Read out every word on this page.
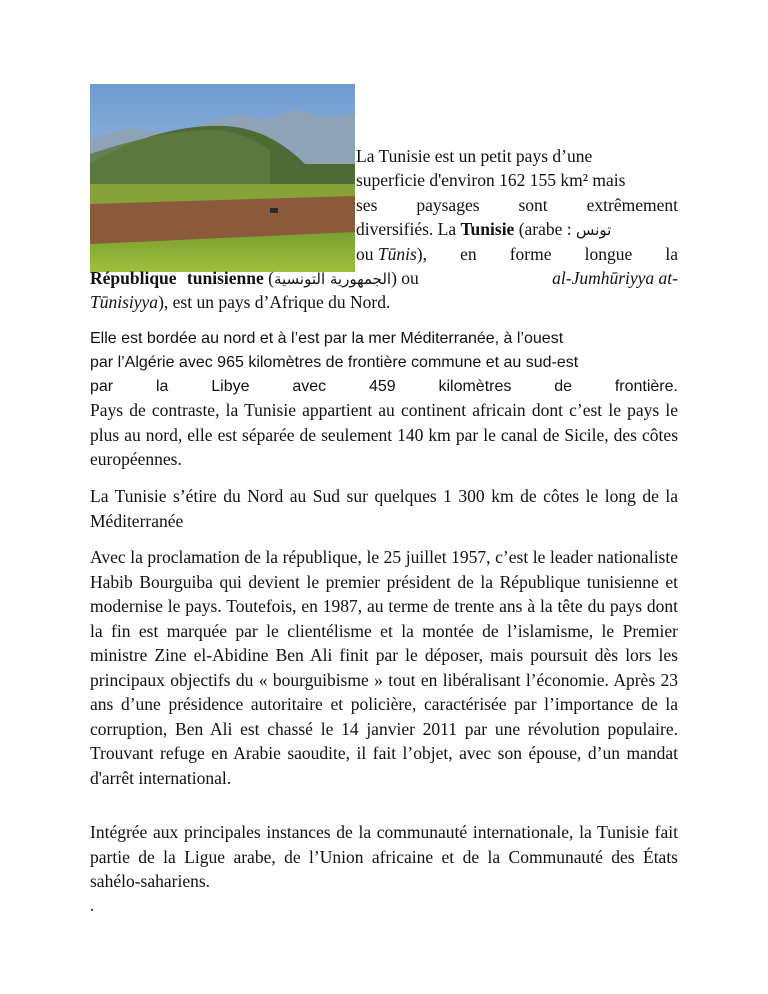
La Tunisie est un petit pays d’une

superficie d'environ 162 155 km² mais

ses paysages sont extrêmement

diversifiés. La Tunisie (arabe : تونس

ou Tūnis), en forme longue la

République tunisienne (الجمهورية التونسية) ou	al-Jumhūriyya at-

Tūnisiyya), est un pays d’Afrique du Nord.

Elle est bordée au nord et à l’est par la mer Méditerranée, à l’ouest

par l’Algérie avec 965 kilomètres de frontière commune et au sud-est

par	la	Libye	avec	459	kilomètres	de	frontière.

Pays de contraste, la Tunisie appartient au continent africain dont c’est le pays le plus au nord, elle est séparée de seulement 140 km par le canal de Sicile, des côtes européennes.

La Tunisie s’étire du Nord au Sud sur quelques 1 300 km de côtes le long de la Méditerranée

Avec la proclamation de la république, le 25 juillet 1957, c’est le leader nationaliste Habib Bourguiba qui devient le premier président de la République tunisienne et modernise le pays. Toutefois, en 1987, au terme de trente ans à la tête du pays dont la fin est marquée par le clientélisme et la montée de l’islamisme, le Premier ministre Zine el-Abidine Ben Ali finit par le déposer, mais poursuit dès lors les principaux objectifs du « bourguibisme » tout en libéralisant l’économie. Après 23 ans d’une présidence autoritaire et policière, caractérisée par l’importance de la corruption, Ben Ali est chassé le 14 janvier 2011 par une révolution populaire. Trouvant refuge en Arabie saoudite, il fait l’objet, avec son épouse, d’un mandat d'arrêt international.

Intégrée aux principales instances de la communauté internationale, la Tunisie fait partie de la Ligue arabe, de l’Union africaine et de la Communauté des États sahélo-sahariens.

.
